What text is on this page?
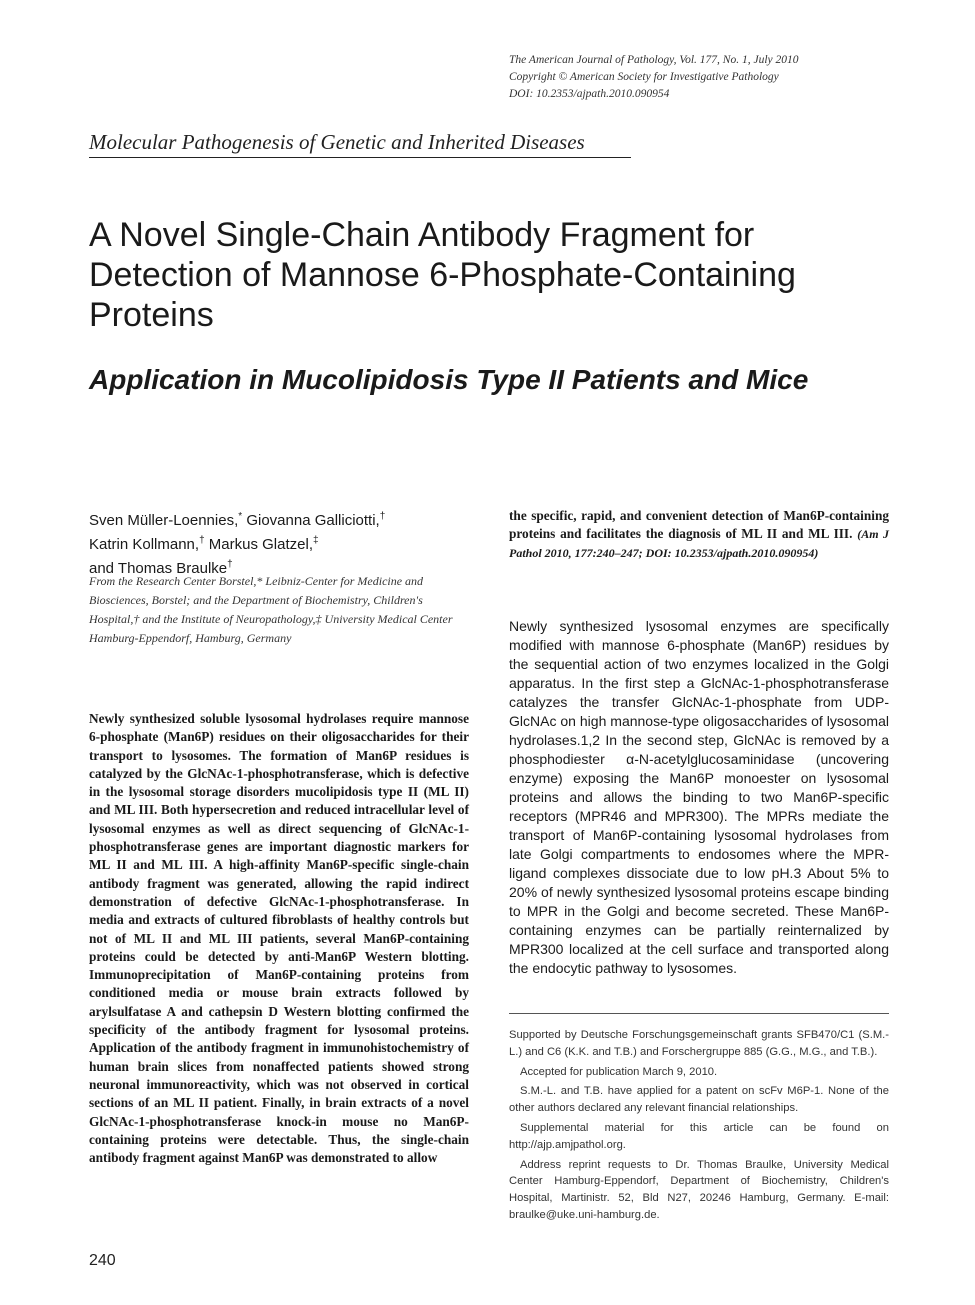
The American Journal of Pathology, Vol. 177, No. 1, July 2010
Copyright © American Society for Investigative Pathology
DOI: 10.2353/ajpath.2010.090954
Molecular Pathogenesis of Genetic and Inherited Diseases
A Novel Single-Chain Antibody Fragment for Detection of Mannose 6-Phosphate-Containing Proteins
Application in Mucolipidosis Type II Patients and Mice
Sven Müller-Loennies,* Giovanna Galliciotti,†
Katrin Kollmann,† Markus Glatzel,‡
and Thomas Braulke†
From the Research Center Borstel,* Leibniz-Center for Medicine and Biosciences, Borstel; and the Department of Biochemistry, Children's Hospital,† and the Institute of Neuropathology,‡ University Medical Center Hamburg-Eppendorf, Hamburg, Germany
Newly synthesized soluble lysosomal hydrolases require mannose 6-phosphate (Man6P) residues on their oligosaccharides for their transport to lysosomes. The formation of Man6P residues is catalyzed by the GlcNAc-1-phosphotransferase, which is defective in the lysosomal storage disorders mucolipidosis type II (ML II) and ML III. Both hypersecretion and reduced intracellular level of lysosomal enzymes as well as direct sequencing of GlcNAc-1-phosphotransferase genes are important diagnostic markers for ML II and ML III. A high-affinity Man6P-specific single-chain antibody fragment was generated, allowing the rapid indirect demonstration of defective GlcNAc-1-phosphotransferase. In media and extracts of cultured fibroblasts of healthy controls but not of ML II and ML III patients, several Man6P-containing proteins could be detected by anti-Man6P Western blotting. Immunoprecipitation of Man6P-containing proteins from conditioned media or mouse brain extracts followed by arylsulfatase A and cathepsin D Western blotting confirmed the specificity of the antibody fragment for lysosomal proteins. Application of the antibody fragment in immunohistochemistry of human brain slices from nonaffected patients showed strong neuronal immunoreactivity, which was not observed in cortical sections of an ML II patient. Finally, in brain extracts of a novel GlcNAc-1-phosphotransferase knock-in mouse no Man6P-containing proteins were detectable. Thus, the single-chain antibody fragment against Man6P was demonstrated to allow
the specific, rapid, and convenient detection of Man6P-containing proteins and facilitates the diagnosis of ML II and ML III. (Am J Pathol 2010, 177:240–247; DOI: 10.2353/ajpath.2010.090954)
Newly synthesized lysosomal enzymes are specifically modified with mannose 6-phosphate (Man6P) residues by the sequential action of two enzymes localized in the Golgi apparatus. In the first step a GlcNAc-1-phosphotransferase catalyzes the transfer GlcNAc-1-phosphate from UDP-GlcNAc on high mannose-type oligosaccharides of lysosomal hydrolases.1,2 In the second step, GlcNAc is removed by a phosphodiester α-N-acetylglucosaminidase (uncovering enzyme) exposing the Man6P monoester on lysosomal proteins and allows the binding to two Man6P-specific receptors (MPR46 and MPR300). The MPRs mediate the transport of Man6P-containing lysosomal hydrolases from late Golgi compartments to endosomes where the MPR-ligand complexes dissociate due to low pH.3 About 5% to 20% of newly synthesized lysosomal proteins escape binding to MPR in the Golgi and become secreted. These Man6P-containing enzymes can be partially reinternalized by MPR300 localized at the cell surface and transported along the endocytic pathway to lysosomes.

Supported by Deutsche Forschungsgemeinschaft grants SFB470/C1 (S.M.-L.) and C6 (K.K. and T.B.) and Forschergruppe 885 (G.G., M.G., and T.B.).

Accepted for publication March 9, 2010.

S.M.-L. and T.B. have applied for a patent on scFv M6P-1. None of the other authors declared any relevant financial relationships.

Supplemental material for this article can be found on http://ajp.amjpathol.org.

Address reprint requests to Dr. Thomas Braulke, University Medical Center Hamburg-Eppendorf, Department of Biochemistry, Children's Hospital, Martinistr. 52, Bld N27, 20246 Hamburg, Germany. E-mail: braulke@uke.uni-hamburg.de.

240
